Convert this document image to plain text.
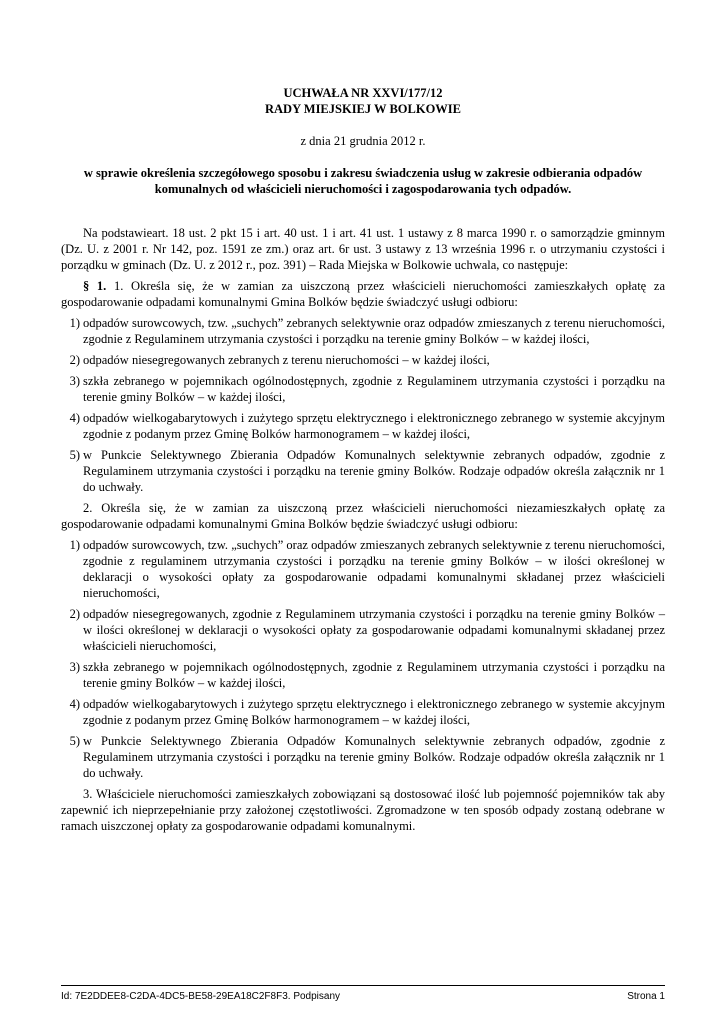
UCHWAŁA NR XXVI/177/12
RADY MIEJSKIEJ W BOLKOWIE
z dnia 21 grudnia 2012 r.
w sprawie określenia szczegółowego sposobu i zakresu świadczenia usług w zakresie odbierania odpadów komunalnych od właścicieli nieruchomości i zagospodarowania tych odpadów.

Na podstawieart. 18 ust. 2 pkt 15 i art. 40 ust. 1 i art. 41 ust. 1 ustawy z 8 marca 1990 r. o samorządzie gminnym (Dz. U. z 2001 r. Nr 142, poz. 1591 ze zm.) oraz art. 6r ust. 3 ustawy z 13 września 1996 r. o utrzymaniu czystości i porządku w gminach (Dz. U. z 2012 r., poz. 391) – Rada Miejska w Bolkowie uchwala, co następuje:

§ 1. 1. Określa się, że w zamian za uiszczoną przez właścicieli nieruchomości zamieszkałych opłatę za gospodarowanie odpadami komunalnymi Gmina Bolków będzie świadczyć usługi odbioru:

1) odpadów surowcowych, tzw. „suchych” zebranych selektywnie oraz odpadów zmieszanych z terenu nieruchomości, zgodnie z Regulaminem utrzymania czystości i porządku na terenie gminy Bolków – w każdej ilości,
2) odpadów niesegregowanych zebranych z terenu nieruchomości – w każdej ilości,
3) szkła zebranego w pojemnikach ogólnodostępnych, zgodnie z Regulaminem utrzymania czystości i porządku na terenie gminy Bolków – w każdej ilości,
4) odpadów wielkogabarytowych i zużytego sprzętu elektrycznego i elektronicznego zebranego w systemie akcyjnym zgodnie z podanym przez Gminę Bolków harmonogramem – w każdej ilości,
5) w Punkcie Selektywnego Zbierania Odpadów Komunalnych selektywnie zebranych odpadów, zgodnie z Regulaminem utrzymania czystości i porządku na terenie gminy Bolków. Rodzaje odpadów określa załącznik nr 1 do uchwały.

2. Określa się, że w zamian za uiszczoną przez właścicieli nieruchomości niezamieszkałych opłatę za gospodarowanie odpadami komunalnymi Gmina Bolków będzie świadczyć usługi odbioru:

1) odpadów surowcowych, tzw. „suchych” oraz odpadów zmieszanych zebranych selektywnie z terenu nieruchomości, zgodnie z regulaminem utrzymania czystości i porządku na terenie gminy Bolków – w ilości określonej w deklaracji o wysokości opłaty za gospodarowanie odpadami komunalnymi składanej przez właścicieli nieruchomości,
2) odpadów niesegregowanych, zgodnie z Regulaminem utrzymania czystości i porządku na terenie gminy Bolków – w ilości określonej w deklaracji o wysokości opłaty za gospodarowanie odpadami komunalnymi składanej przez właścicieli nieruchomości,
3) szkła zebranego w pojemnikach ogólnodostępnych, zgodnie z Regulaminem utrzymania czystości i porządku na terenie gminy Bolków – w każdej ilości,
4) odpadów wielkogabarytowych i zużytego sprzętu elektrycznego i elektronicznego zebranego w systemie akcyjnym zgodnie z podanym przez Gminę Bolków harmonogramem – w każdej ilości,
5) w Punkcie Selektywnego Zbierania Odpadów Komunalnych selektywnie zebranych odpadów, zgodnie z Regulaminem utrzymania czystości i porządku na terenie gminy Bolków. Rodzaje odpadów określa załącznik nr 1 do uchwały.

3. Właściciele nieruchomości zamieszkałych zobowiązani są dostosować ilość lub pojemność pojemników tak aby zapewnić ich nieprzepełnianie przy założonej częstotliwości. Zgromadzone w ten sposób odpady zostaną odebrane w ramach uiszczonej opłaty za gospodarowanie odpadami komunalnymi.

Id: 7E2DDEE8-C2DA-4DC5-BE58-29EA18C2F8F3. Podpisany	Strona 1
